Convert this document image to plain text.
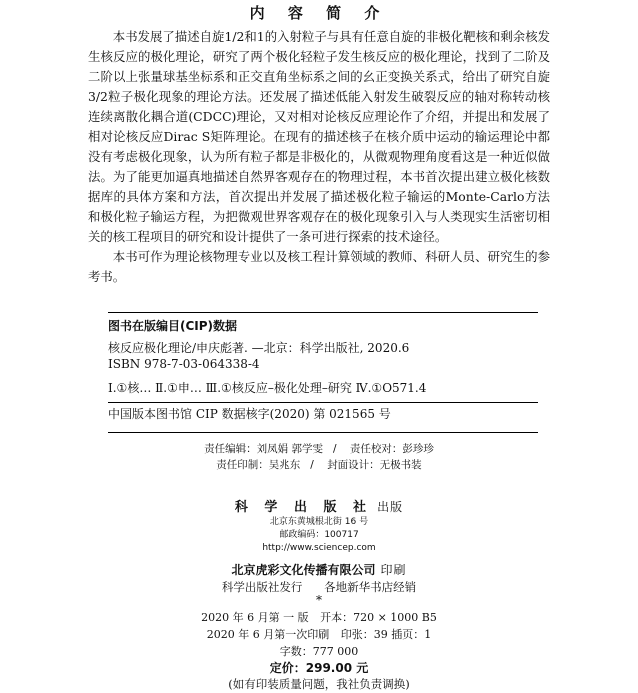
内 容 简 介

本书发展了描述自旋1/2和1的入射粒子与具有任意自旋的非极化靶核和剩余核发生核反应的极化理论，研究了两个极化轻粒子发生核反应的极化理论，找到了二阶及二阶以上张量球基坐标系和正交直角坐标系之间的幺正变换关系式，给出了研究自旋3/2粒子极化现象的理论方法。还发展了描述低能入射发生破裂反应的轴对称转动核连续离散化耦合道(CDCC)理论，又对相对论核反应理论作了介绍，并提出和发展了相对论核反应Dirac S矩阵理论。在现有的描述核子在核介质中运动的输运理论中都没有考虑极化现象，认为所有粒子都是非极化的，从微观物理角度看这是一种近似做法。为了能更加逼真地描述自然界客观存在的物理过程，本书首次提出建立极化核数据库的具体方案和方法，首次提出并发展了描述极化粒子输运的Monte-Carlo方法和极化粒子输运方程，为把微观世界客观存在的极化现象引入与人类现实生活密切相关的核工程项目的研究和设计提供了一条可进行探索的技术途径。

本书可作为理论核物理专业以及核工程计算领域的教师、科研人员、研究生的参考书。

图书在版编目(CIP)数据
核反应极化理论/申庆彪著. —北京：科学出版社, 2020.6
ISBN 978-7-03-064338-4
Ⅰ.①核… Ⅱ.①申… Ⅲ.①核反应–极化处理–研究 Ⅳ.①O571.4
中国版本图书馆 CIP 数据核字(2020) 第 021565 号
责任编辑：刘凤娟 郭学雯 / 责任校对：彭珍珍
责任印制：吴兆东 / 封面设计：无极书装
科 学 出 版 社 出版
北京东黄城根北街 16 号
邮政编码：100717
http://www.sciencep.com
北京虎彩文化传播有限公司 印刷
科学出版社发行 各地新华书店经销
*
2020 年 6 月第 一 版 开本：720 × 1000 B5
2020 年 6 月第一次印刷 印张：39 插页：1
字数：777 000
定价：299.00 元
(如有印装质量问题，我社负责调换)
